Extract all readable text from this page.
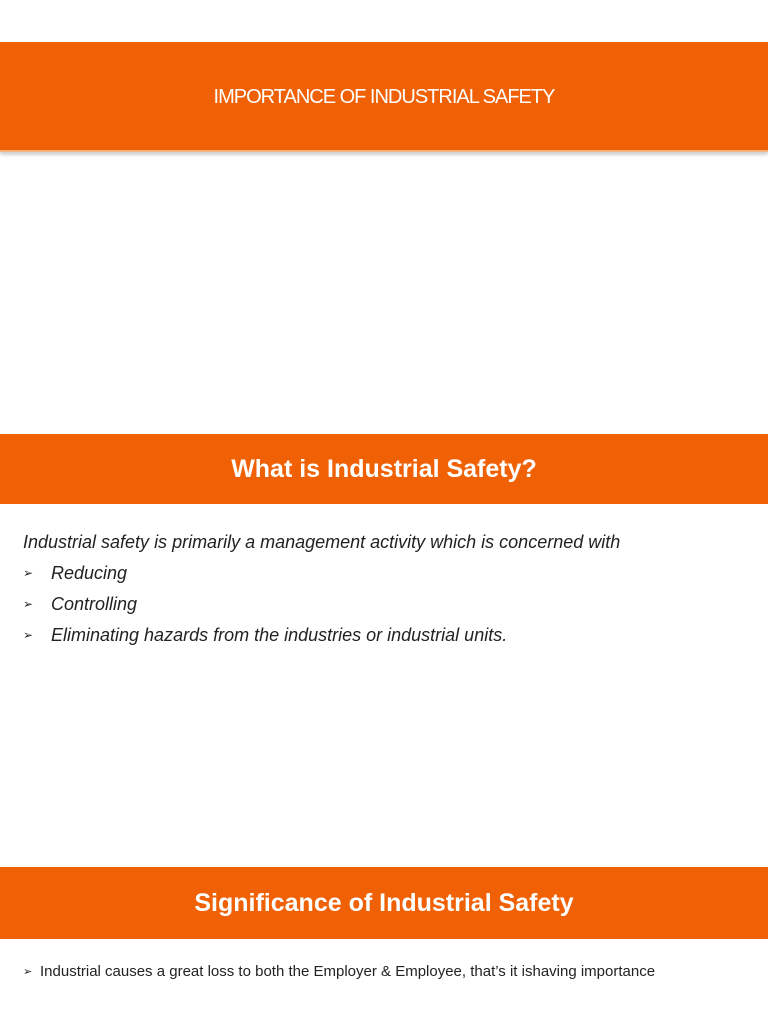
IMPORTANCE OF INDUSTRIAL SAFETY
What is Industrial Safety?
Industrial safety is primarily a management activity which is concerned with
➢ Reducing
➢ Controlling
➢ Eliminating hazards from the industries or industrial units.
Significance of Industrial Safety
➢ Industrial causes a great loss to both the Employer & Employee, that’s it ishaving importance
